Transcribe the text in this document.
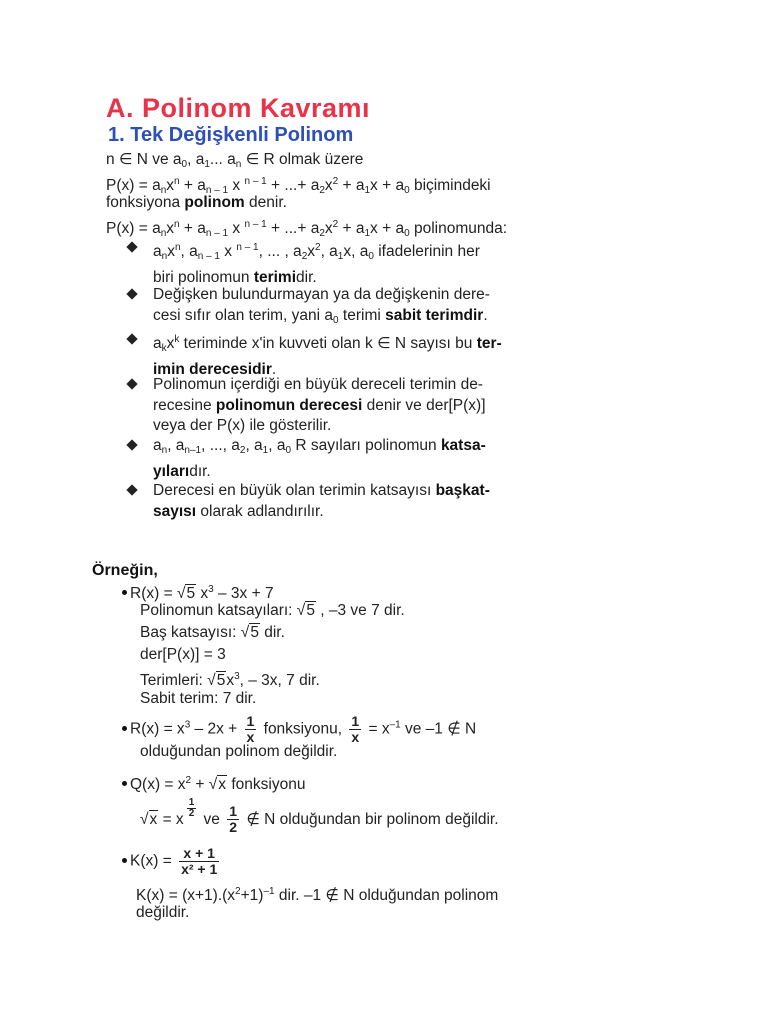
A. Polinom Kavramı
1. Tek Değişkenli Polinom
n ∈ N ve $a_0$, $a_1$... $a_n$ ∈ R olmak üzere
$P(x) = a_nx^n + a_{n - 1}$ x $^{n - 1}$ + ...+ $a_2x^2 + a_1x + a_0$ biçimindeki
fonksiyona polinom denir.
$P(x) = a_nx^n + a_{n - 1}$ x $^{n - 1}$ + ...+ $a_2x^2 + a_1x + a_0$ polinomunda:
$a_nx^n$, $a_{n - 1}$ x $^{n - 1}$, ... , $a_2x^2$, $a_1x$, $a_0$ ifadelerinin her
biri polinomun terimidir.
Değişken bulundurmayan ya da değişkenin dere-
cesi sıfır olan terim, yani $a_0$ terimi sabit terimdir.
$a_kx^k$ teriminde x'in kuvveti olan k ∈ N sayısı bu ter-
imin derecesidir.
Polinomun içerdiği en büyük dereceli terimin de-
recesine polinomun derecesi denir ve der[P(x)]
veya der P(x) ile gösterilir.
$a_n$, $a_{n-1}$, ..., $a_2$, $a_1$, $a_0$ R sayıları polinomun katsa-
yılarıdır.
Derecesi en büyük olan terimin katsayısı başkat-
sayısı olarak adlandırılır.
Örneğin,
R(x) = √5 $x^3 - 3x + 7$
Polinomun katsayıları: √5 , –3 ve 7 dir.
Baş katsayısı: √5 dir.
der[P(x)] = 3
Terimleri: $√5x^3$, – 3x, 7 dir.
Sabit terim: 7 dir.
$R(x) = x^3 - 2x + \frac{1}{x}$ fonksiyonu, $\frac{1}{x} = x^{-1}$ ve –1 ∉ N
olduğundan polinom değildir.
$Q(x) = x^2 + √x$ fonksiyonu
√x = x
$^{\frac{1}{2}}$
ve $\frac{1}{2}$ ∉ N olduğundan bir polinom değildir.
$K(x) = \frac{x + 1}{\text{x² + 1}}$
$K(x) = (x+1).(x^2+1)^{-1}$ dir. –1 ∉ N olduğundan polinom
değildir.
